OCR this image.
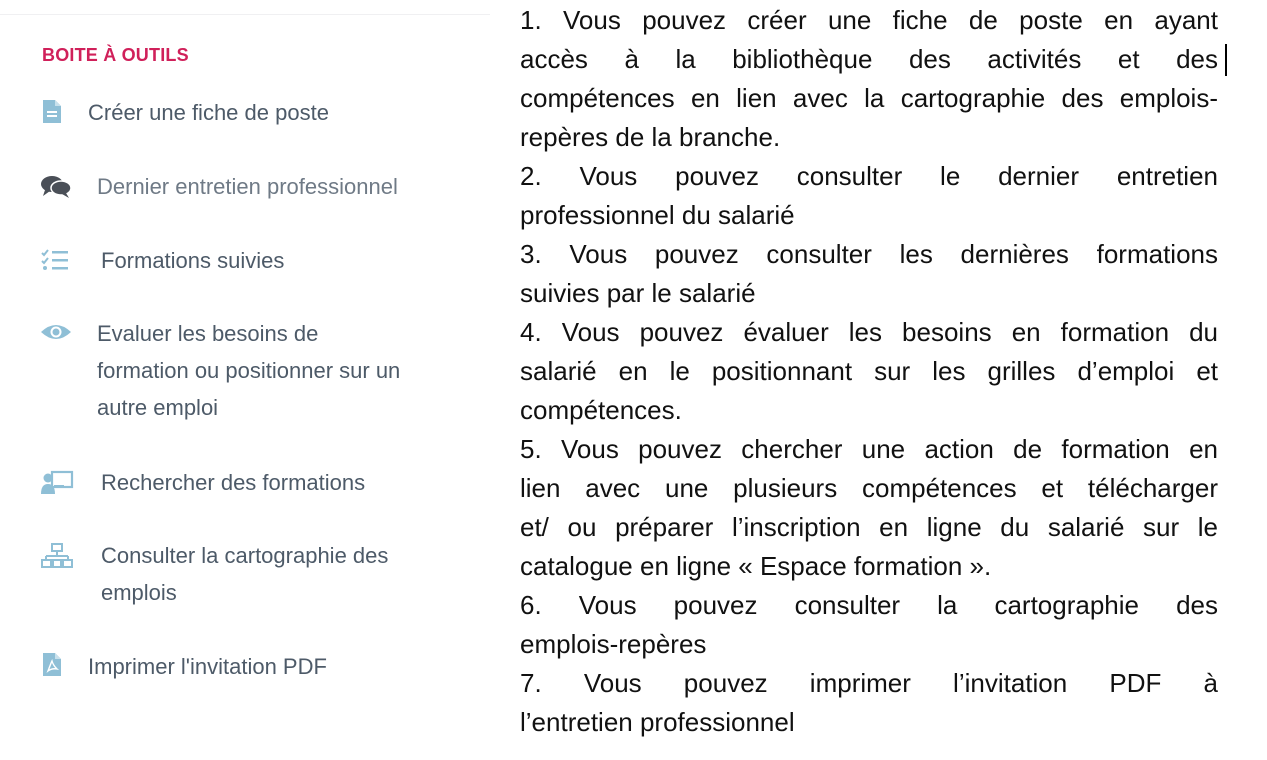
BOITE À OUTILS
Créer une fiche de poste
Dernier entretien professionnel
Formations suivies
Evaluer les besoins de
formation ou positionner sur un
autre emploi
Rechercher des formations
Consulter la cartographie des
emplois
Imprimer l'invitation PDF
1. Vous pouvez créer une fiche de poste en ayant
accès à la bibliothèque des activités et des
compétences en lien avec la cartographie des emplois-
repères de la branche.
2. Vous pouvez consulter le dernier entretien
professionnel du salarié
3. Vous pouvez consulter les dernières formations
suivies par le salarié
4. Vous pouvez évaluer les besoins en formation du
salarié en le positionnant sur les grilles d’emploi et
compétences.
5. Vous pouvez chercher une action de formation en
lien avec une plusieurs compétences et télécharger
et/ ou préparer l’inscription en ligne du salarié sur le
catalogue en ligne « Espace formation ».
6. Vous pouvez consulter la cartographie des
emplois-repères
7. Vous pouvez imprimer l’invitation PDF à
l’entretien professionnel
